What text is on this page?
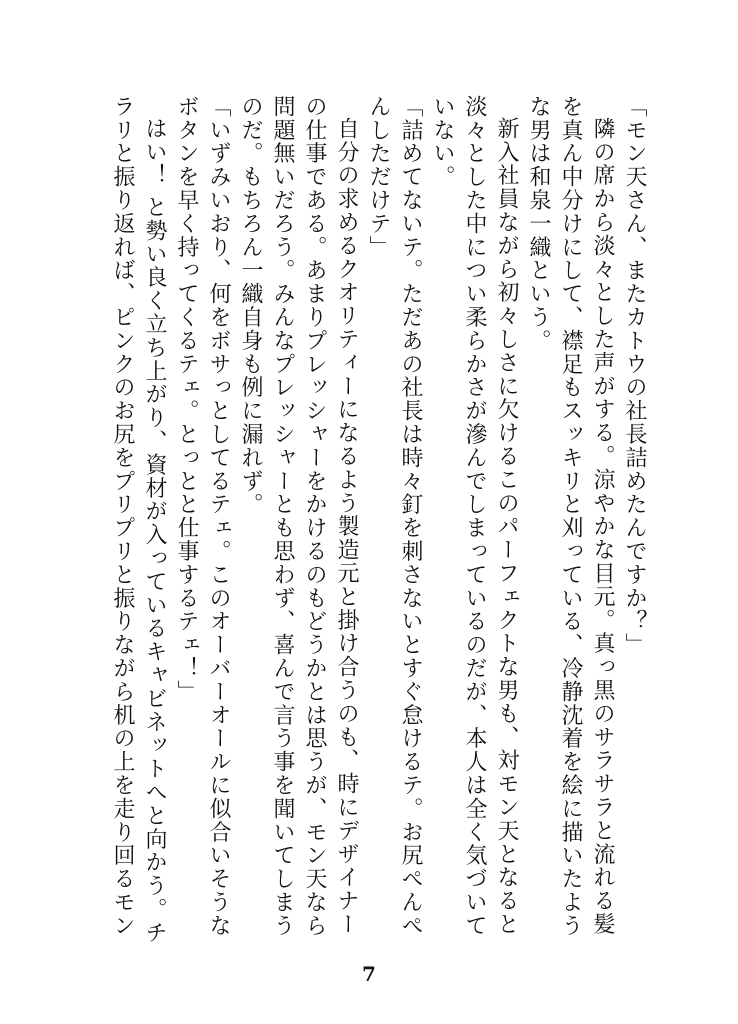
「モン天さん、またカトウの社長詰めたんですか？」

隣の席から淡々とした声がする。涼やかな目元。真っ黒のサラサラと流れる髪を真ん中分けにして、襟足もスッキリと刈っている、冷静沈着を絵に描いたような男は和泉一織という。

新入社員ながら初々しさに欠けるこのパーフェクトな男も、対モン天となると淡々とした中につい柔らかさが滲んでしまっているのだが、本人は全く気づいていない。

「詰めてないテ。ただあの社長は時々釘を刺さないとすぐ怠けるテ。お尻ぺんぺんしただけテ」

自分の求めるクオリティーになるよう製造元と掛け合うのも、時にデザイナーの仕事である。あまりプレッシャーをかけるのもどうかとは思うが、モン天なら問題無いだろう。みんなプレッシャーとも思わず、喜んで言う事を聞いてしまうのだ。もちろん一織自身も例に漏れず。

「いずみいおり、何をボサっとしてるテェ。このオーバーオールに似合いそうなボタンを早く持ってくるテェ。とっとと仕事するテェ！」

はい！ と勢い良く立ち上がり、資材が入っているキャビネットへと向かう。チラリと振り返れば、ピンクのお尻をプリプリと振りながら机の上を走り回るモン

7
